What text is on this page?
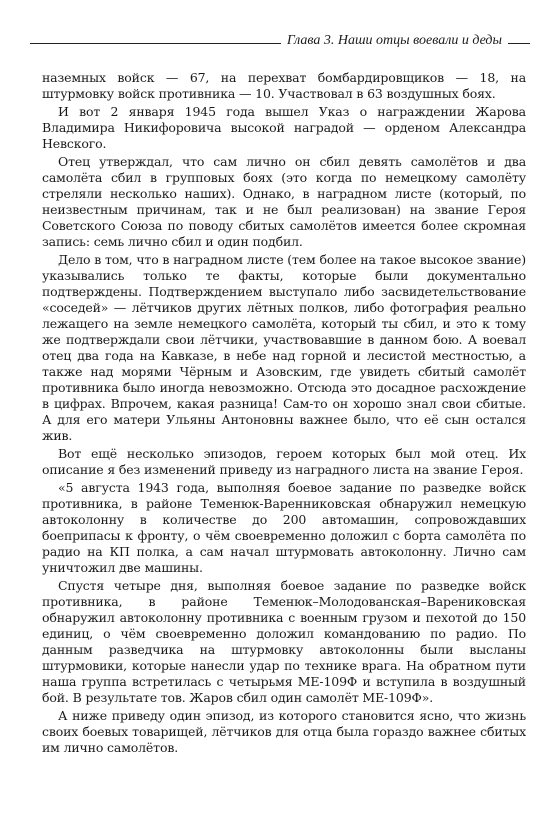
Глава 3. Наши отцы воевали и деды

наземных войск — 67, на перехват бомбардировщиков — 18, на штурмовку войск противника — 10. Участвовал в 63 воздушных боях.

И вот 2 января 1945 года вышел Указ о награждении Жарова Владимира Никифоровича высокой наградой — орденом Александра Невского.

Отец утверждал, что сам лично он сбил девять самолётов и два самолёта сбил в групповых боях (это когда по немецкому самолёту стреляли несколько наших). Однако, в наградном листе (который, по неизвестным причинам, так и не был реализован) на звание Героя Советского Союза по поводу сбитых самолётов имеется более скромная запись: семь лично сбил и один подбил.

Дело в том, что в наградном листе (тем более на такое высокое звание) указывались только те факты, которые были документально подтверждены. Подтверждением выступало либо засвидетельствование «соседей» — лётчиков других лётных полков, либо фотография реально лежащего на земле немецкого самолёта, который ты сбил, и это к тому же подтверждали свои лётчики, участвовавшие в данном бою. А воевал отец два года на Кавказе, в небе над горной и лесистой местностью, а также над морями Чёрным и Азовским, где увидеть сбитый самолёт противника было иногда невозможно. Отсюда это досадное расхождение в цифрах. Впрочем, какая разница! Сам-то он хорошо знал свои сбитые. А для его матери Ульяны Антоновны важнее было, что её сын остался жив.

Вот ещё несколько эпизодов, героем которых был мой отец. Их описание я без изменений приведу из наградного листа на звание Героя.

«5 августа 1943 года, выполняя боевое задание по разведке войск противника, в районе Теменюк-Варенниковская обнаружил немецкую автоколонну в количестве до 200 автомашин, сопровождавших боеприпасы к фронту, о чём своевременно доложил с борта самолёта по радио на КП полка, а сам начал штурмовать автоколонну. Лично сам уничтожил две машины.

Спустя четыре дня, выполняя боевое задание по разведке войск противника, в районе Теменюк–Молодованская–Варениковская обнаружил автоколонну противника с военным грузом и пехотой до 150 единиц, о чём своевременно доложил командованию по радио. По данным разведчика на штурмовку автоколонны были высланы штурмовики, которые нанесли удар по технике врага. На обратном пути наша группа встретилась с четырьмя МЕ-109Ф и вступила в воздушный бой. В результате тов. Жаров сбил один самолёт МЕ-109Ф».

А ниже приведу один эпизод, из которого становится ясно, что жизнь своих боевых товарищей, лётчиков для отца была гораздо важнее сбитых им лично самолётов.
